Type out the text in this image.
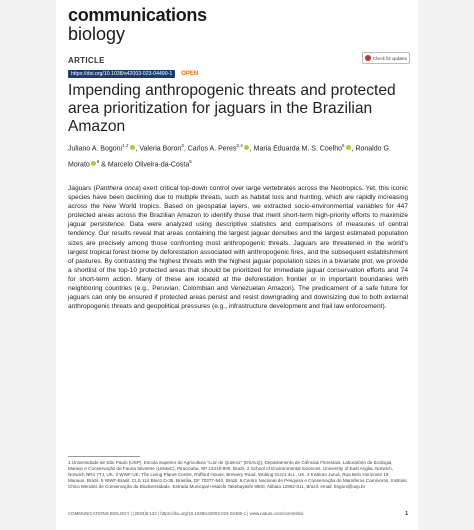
communications
biology
Check for updates
ARTICLE
https://doi.org/10.1038/s42003-023-04490-1	OPEN
Impending anthropogenic threats and protected area prioritization for jaguars in the Brazilian Amazon
Juliano A. Bogoni$^{1,2}$ , Valeria Boron$^3$, Carlos A. Peres$^{2,4}$ , Maria Eduarda M. S. Coelho$^5$ , Ronaldo G. Morato $^6$ & Marcelo Oliveira-da-Costa$^5$
Jaguars (Panthera onca) exert critical top-down control over large vertebrates across the Neotropics. Yet, this iconic species have been declining due to multiple threats, such as habitat loss and hunting, which are rapidly increasing across the New World tropics. Based on geospatial layers, we extracted socio-environmental variables for 447 protected areas across the Brazilian Amazon to identify those that merit short-term high-priority efforts to maximize jaguar persistence. Data were analyzed using descriptive statistics and comparisons of measures of central tendency. Our results reveal that areas containing the largest jaguar densities and the largest estimated population sizes are precisely among those confronting most anthropogenic threats. Jaguars are threatened in the world's largest tropical forest biome by deforestation associated with anthropogenic fires, and the subsequent establishment of pastures. By contrasting the highest threats with the highest jaguar population sizes in a bivariate plot, we provide a shortlist of the top-10 protected areas that should be prioritized for immediate jaguar conservation efforts and 74 for short-term action. Many of these are located at the deforestation frontier or in important boundaries with neighboring countries (e.g., Peruvian, Colombian and Venezuelan Amazon). The predicament of a safe future for jaguars can only be ensured if protected areas persist and resist downgrading and downsizing due to both external anthropogenic threats and geopolitical pressures (e.g., infrastructure development and frail law enforcement).
1 Universidade de São Paulo (USP), Escola Superior de Agricultura "Luiz de Queiroz" (ESALQ), Departamento de Ciências Florestais, Laboratório de Ecologia, Manejo e Conservação de Fauna Silvestre (LEMaC), Piracicaba, SP 13418-900, Brazil. 2 School of Environmental Sciences, University of East Anglia, Norwich, Norwich NR4 7TJ, UK. 3 WWF-UK, The Living Planet Centre, Rufford House, Brewery Road, Woking GU21 4LL, UK. 4 Instituto Juruá, Rua Belo Horizonte 19, Manaus, Brazil. 5 WWF-Brasil, CLS 114 Bloco D-35, Brasília, DF 70377-540, Brazil. 6 Centro Nacional de Pesquisa e Conservação de Mamíferos Carnívoros, Instituto Chico Mendes de Conservação da Biodiversidade, Estrada Municipal Hisaichi Takebayashi 8600, Atibaia 12952-011, Brazil. email: bogoni@usp.br
COMMUNICATIONS BIOLOGY | (2023)6:132 | https://doi.org/10.1038/s42003-023-04490-1 | www.nature.com/commsbio	1
